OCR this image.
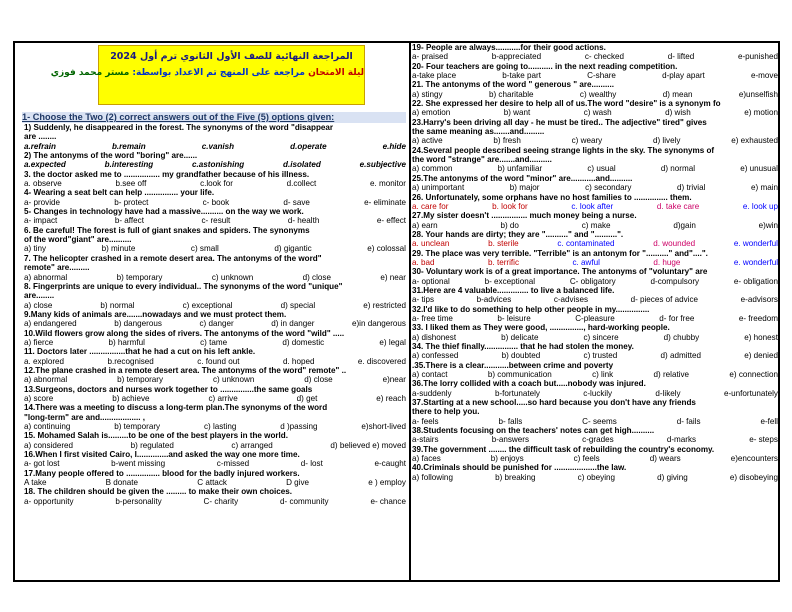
المراجعة النهائية للصف الأول الثانوي ترم أول 2024
ليلة الامتحان مراجعة على المنهج تم الاعداد بواسطة: مستر محمد فوزي
1- Choose the Two (2) correct answers out of the Five (5) options given:
1) Suddenly, he disappeared in the forest. The synonyms of the word "disappear
are ........
a.refrain	b.remain	c.vanish	d.operate	e.hide
2) The antonyms of the word "boring" are......
a.expected	b.interesting	c.astonishing	d.isolated	e.subjective
3. the doctor asked me to ................ my grandfather because of his illness.
a. observe	b.see off	c.look for	d.collect	e. monitor
4- Wearing a seat belt can help ............... your life.
a- provide	b- protect	c- book	d- save	e- eliminate
5- Changes in technology have had a massive.......... on the way we work.
a- impact	b- affect	c- result	d- health	e- effect
6. Be careful! The forest is full of giant snakes and spiders. The synonyms
of the word"giant" are..........
a) tiny	b) minute	c) small	d) gigantic	e) colossal
7. The helicopter crashed in a remote desert area. The antonyms of the word"
remote" are.........
a) abnormal	b) temporary	c) unknown	d) close	e) near
8. Fingerprints are unique to every individual.. The synonyms of the word "unique"
are........
a) close	b) normal	c) exceptional	d) special	e) restricted
9.Many kids of animals are.......nowadays and we must protect them.
a) endangered	b) dangerous	c) danger	d) in danger	e)in dangerous
10.Wild flowers grow along the sides of rivers. The antonyms of the word "wild" .....
a) fierce	b) harmful	c) tame	d) domestic	e) legal
11. Doctors later ................that he had a cut on his left ankle.
a. explored	b.recognised	c. found out	d. hoped	e. discovered
12.The plane crashed in a remote desert area. The antonyms of the word" remote" ..
a) abnormal	b) temporary	c) unknown	d) close	e)near
13.Surgeons, doctors and nurses work together to ...............the same goals
a) score	b) achieve	c) arrive	d) get	e) reach
14.There was a meeting to discuss a long-term plan.The synonyms of the word
"long-term" are and.................. ,
a) continuing	b) temporary	c) lasting	d )passing	e)short-lived
15. Mohamed Salah is.........to be one of the best players in the world.
a) considered	b) regulated	c) arranged	d) believed e) moved
16.When I first visited Cairo, I..............and asked the way one more time.
a- got lost	b-went missing	c-missed	d- lost	e-caught
17.Many people offered to ............... blood for the badly injured workers.
A take	B donate	C attack	D give	e ) employ
18. The children should be given the ......... to make their own choices.
a- opportunity	b-personality	C- charity	d- community	e- chance
19- People are always...........for their good actions.
a- praised	b-appreciated	c- checked	d- lifted	e-punished
20- Four teachers are going to........... in the next reading competition.
a-take place	b-take part	C-share	d-play apart	e-move
21. The antonyms of the word " generous " are..........
a) stingy	b) charitable	c) wealthy	d) mean	e)unselfish
22. She expressed her desire to help all of us.The word "desire" is a synonym fo
a) emotion	b) want	c) wash	d) wish	e) motion
23.Harry's been driving all day - he must be tired.. The adjective" tired" gives
the same meaning as.......and.........
a) active	b) fresh	c) weary	d) lively	e) exhausted
24.Several people described seeing strange lights in the sky. The synonyms of
the word "strange" are.......and..........
a) common	b) unfamiliar	c) usual	d) normal	e) unusual
25.The antonyms of the word "minor" are...........and..........
a) unimportant	b) major	c) secondary	d) trivial	e) main
26. Unfortunately, some orphans have no host families to ............... them.
a. care for	b. look for	c. look after	d. take care	e. look up
27.My sister doesn't ................ much money being a nurse.
a) earn	b) do	c) make	d)gain	e)win
28. Your hands are dirty; they are ".........." and "..........".
a. unclean	b. sterile	c. contaminated	d. wounded	e. wonderful
29. The place was very terrible. "Terrible" is an antonym for ".........." and"....".
a. bad	b. terrific	c. awful	d. huge	e. wonderful
30- Voluntary work is of a great importance. The antonyms of "voluntary" are
a- optional	b- exceptional	C- obligatory	d-compulsory	e- obligation
31.Here are 4 valuable.............. to live a balanced life.
a- tips	b-advices	c-advises	d- pieces of advice	e-advisors
32.I'd like to do something to help other people in my...............
a- free time	b- leisure	C-pleasure	d- for free	e- freedom
33. I liked them as They were good, ..............., hard-working people.
a) dishonest	b) delicate	c) sincere	d) chubby	e) honest
34. The thief finally............... that he had stolen the money.
a) confessed	b) doubted	c) trusted	d) admitted	e) denied
.35.There is a clear...........between crime and poverty
a) contact	b) communication	c) link	d) relative	e) connection
36.The lorry collided with a coach but.....nobody was injured.
a-suddenly	b-fortunately	c-luckily	d-likely	e-unfortunately
37.Starting at a new school.....so hard because you don't have any friends
there to help you.
a- feels	b- falls	C- seems	d- fails	e-fell
38.Students focusing on the teachers' notes can get high..........
a-stairs	b-answers	c-grades	d-marks	e- steps
39.The government ........ the difficult task of rebuilding the country's economy.
a) faces	b) enjoys	c) feels	d) wears	e)encounters
40.Criminals should be punished for ...................the law.
a) following	b) breaking	c) obeying	d) giving	e) disobeying
